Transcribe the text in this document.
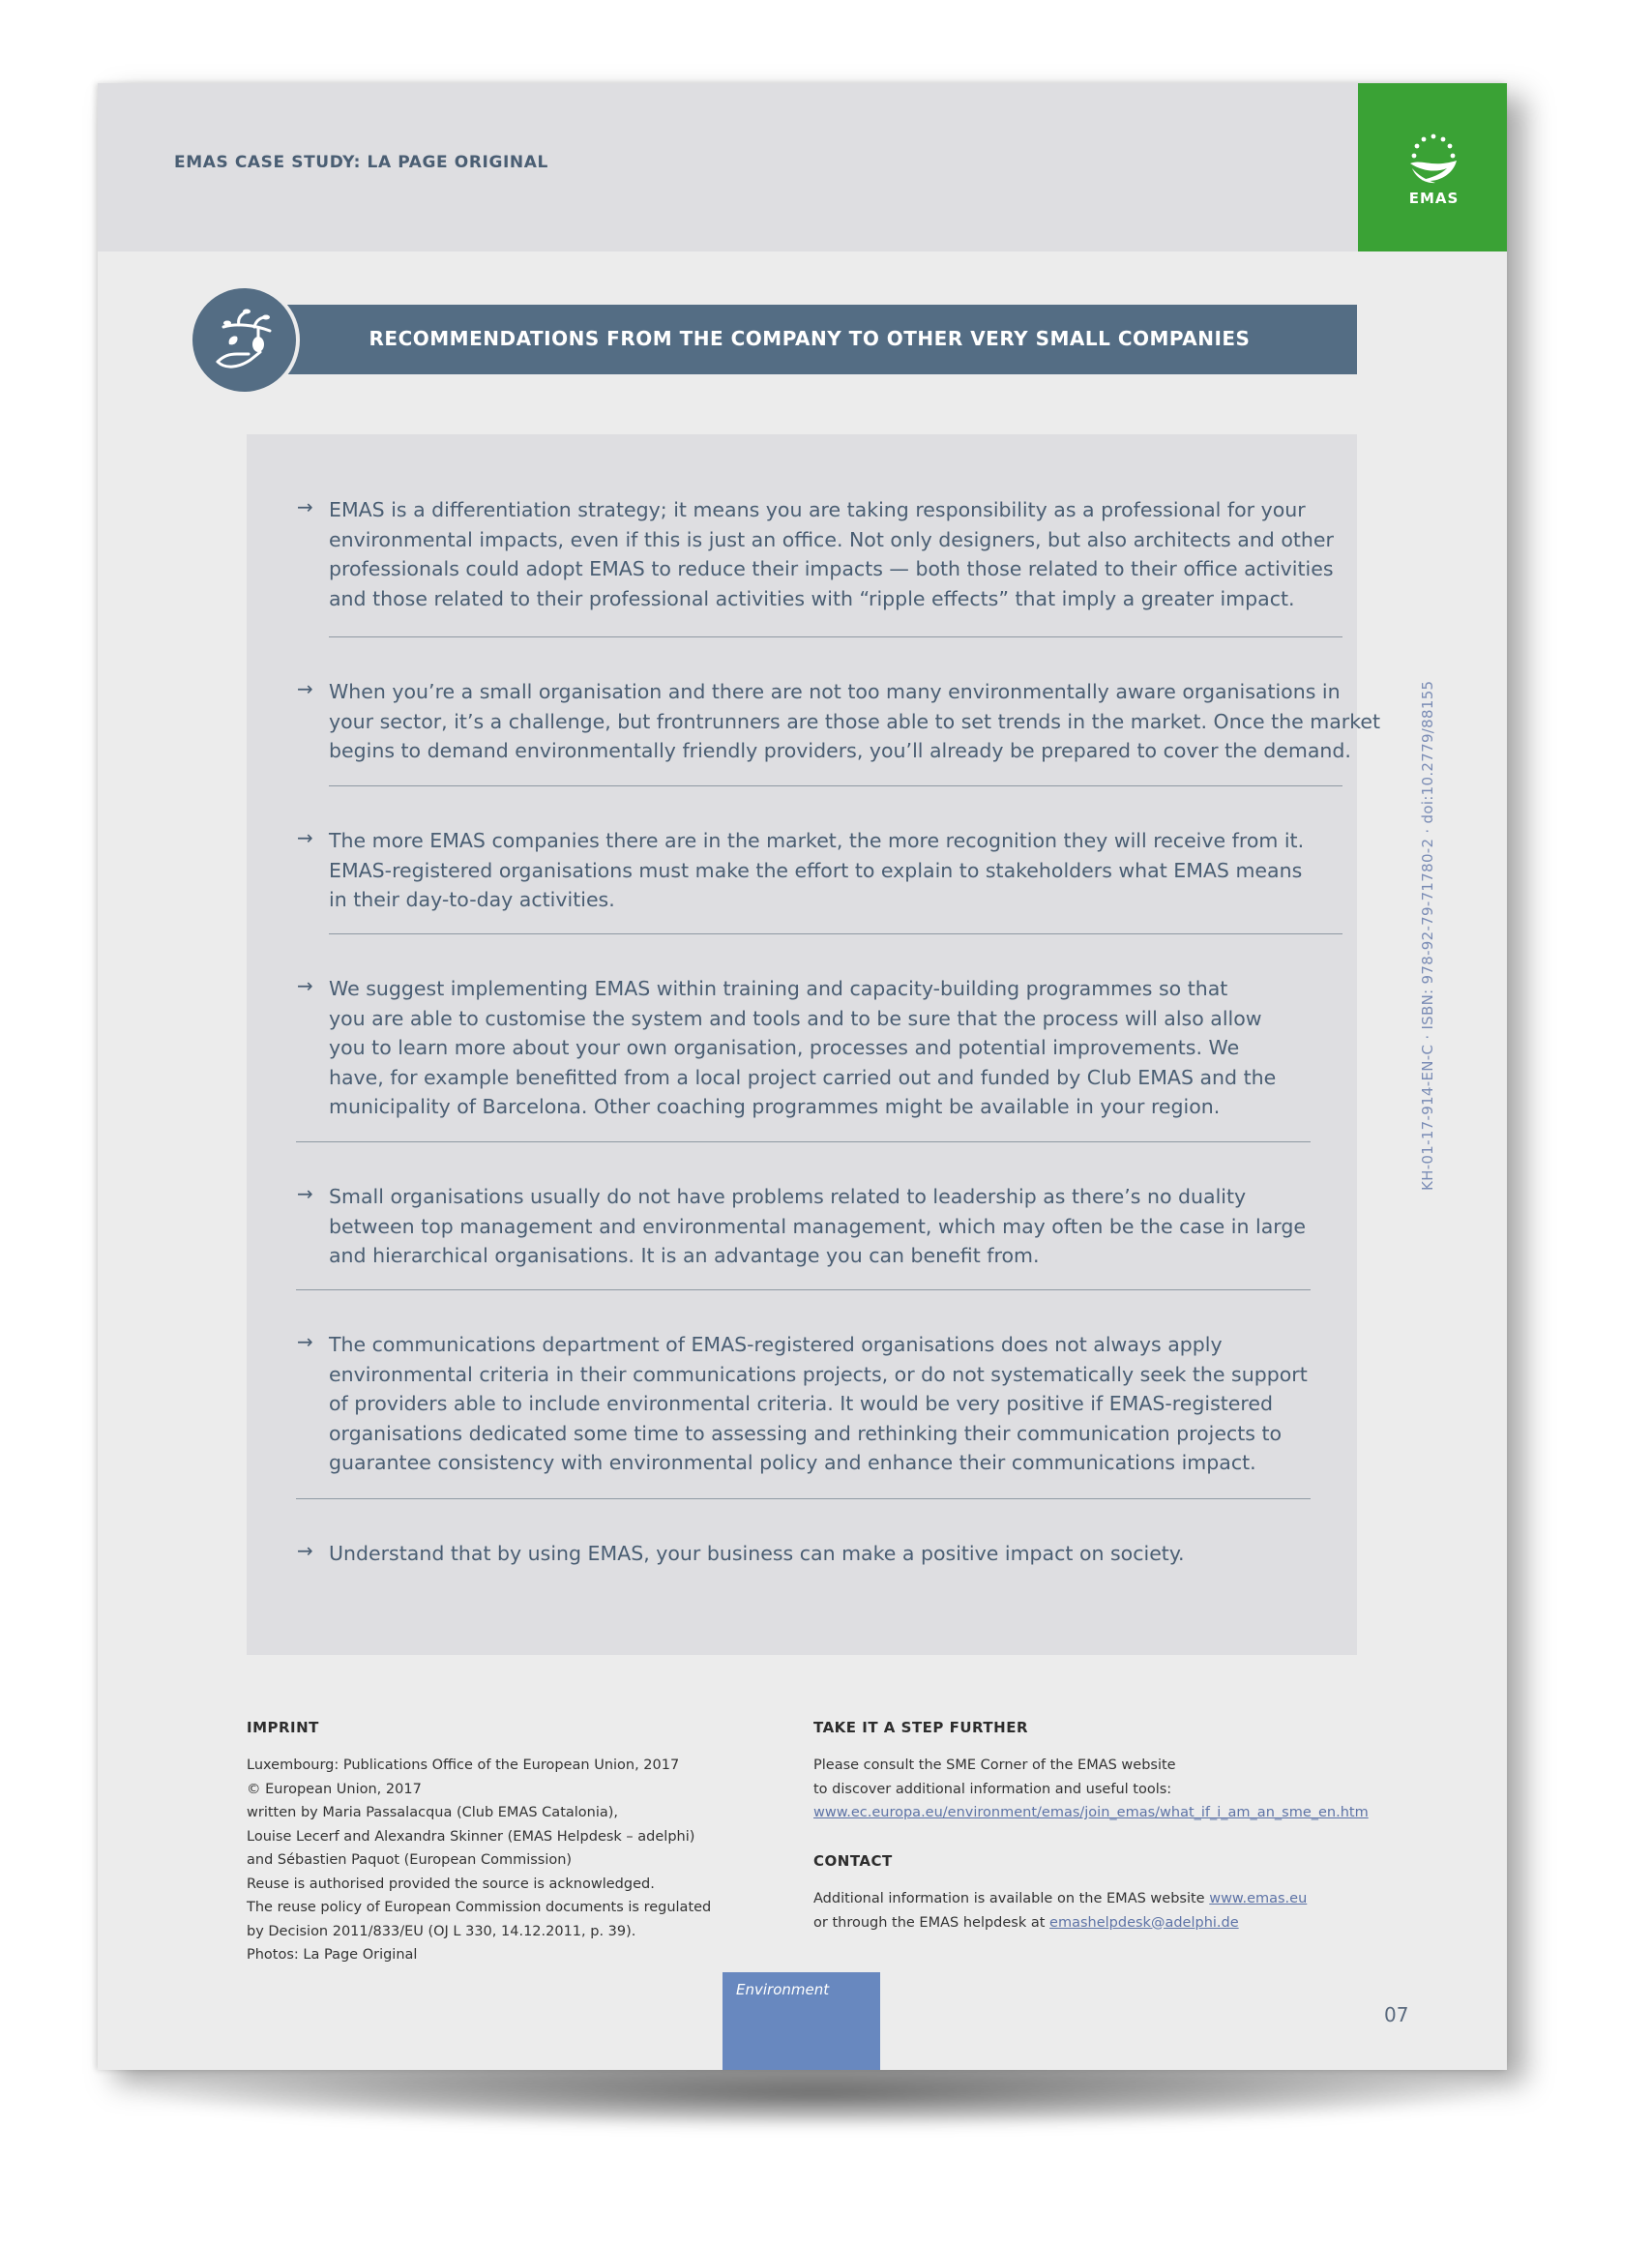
EMAS CASE STUDY: LA PAGE ORIGINAL
EMAS
RECOMMENDATIONS FROM THE COMPANY TO OTHER VERY SMALL COMPANIES
→ EMAS is a differentiation strategy; it means you are taking responsibility as a professional for your
environmental impacts, even if this is just an office. Not only designers, but also architects and other
professionals could adopt EMAS to reduce their impacts — both those related to their office activities
and those related to their professional activities with “ripple effects” that imply a greater impact.
→ When you’re a small organisation and there are not too many environmentally aware organisations in
your sector, it’s a challenge, but frontrunners are those able to set trends in the market. Once the market
begins to demand environmentally friendly providers, you’ll already be prepared to cover the demand.
→ The more EMAS companies there are in the market, the more recognition they will receive from it.
EMAS-registered organisations must make the effort to explain to stakeholders what EMAS means
in their day-to-day activities.
→ We suggest implementing EMAS within training and capacity-building programmes so that
you are able to customise the system and tools and to be sure that the process will also allow
you to learn more about your own organisation, processes and potential improvements. We
have, for example benefitted from a local project carried out and funded by Club EMAS and the
municipality of Barcelona. Other coaching programmes might be available in your region.
→ Small organisations usually do not have problems related to leadership as there’s no duality
between top management and environmental management, which may often be the case in large
and hierarchical organisations. It is an advantage you can benefit from.
→ The communications department of EMAS-registered organisations does not always apply
environmental criteria in their communications projects, or do not systematically seek the support
of providers able to include environmental criteria. It would be very positive if EMAS-registered
organisations dedicated some time to assessing and rethinking their communication projects to
guarantee consistency with environmental policy and enhance their communications impact.
→ Understand that by using EMAS, your business can make a positive impact on society.
KH-01-17-914-EN-C · ISBN: 978-92-79-71780-2 · doi:10.2779/88155
IMPRINT
Luxembourg: Publications Office of the European Union, 2017
© European Union, 2017
written by Maria Passalacqua (Club EMAS Catalonia),
Louise Lecerf and Alexandra Skinner (EMAS Helpdesk – adelphi)
and Sébastien Paquot (European Commission)
Reuse is authorised provided the source is acknowledged.
The reuse policy of European Commission documents is regulated
by Decision 2011/833/EU (OJ L 330, 14.12.2011, p. 39).
Photos: La Page Original
TAKE IT A STEP FURTHER
Please consult the SME Corner of the EMAS website
to discover additional information and useful tools:
www.ec.europa.eu/environment/emas/join_emas/what_if_i_am_an_sme_en.htm
CONTACT
Additional information is available on the EMAS website www.emas.eu
or through the EMAS helpdesk at emashelpdesk@adelphi.de
Environment
07
